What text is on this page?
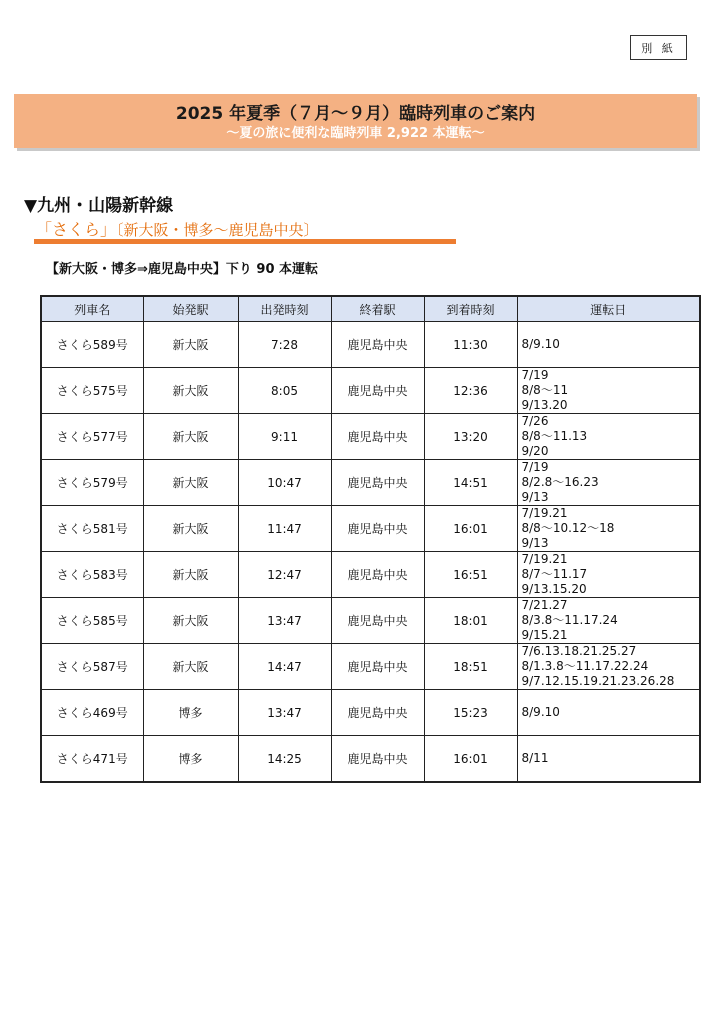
別 紙
2025 年夏季（７月～９月）臨時列車のご案内
～夏の旅に便利な臨時列車 2,922 本運転～
▼九州・山陽新幹線
「さくら」〔新大阪・博多～鹿児島中央〕
【新大阪・博多⇒鹿児島中央】下り 90 本運転
列車名	始発駅	出発時刻	終着駅	到着時刻	運転日
さくら589号	新大阪	7:28	鹿児島中央	11:30	8/9.10

さくら575号	新大阪	8:05	鹿児島中央	12:36	7/19
8/8～11
9/13.20

さくら577号	新大阪	9:11	鹿児島中央	13:20	7/26
8/8～11.13
9/20

さくら579号	新大阪	10:47	鹿児島中央	14:51	7/19
8/2.8～16.23
9/13

さくら581号	新大阪	11:47	鹿児島中央	16:01	7/19.21
8/8～10.12～18
9/13

さくら583号	新大阪	12:47	鹿児島中央	16:51	7/19.21
8/7～11.17
9/13.15.20

さくら585号	新大阪	13:47	鹿児島中央	18:01	7/21.27
8/3.8～11.17.24
9/15.21

さくら587号	新大阪	14:47	鹿児島中央	18:51	7/6.13.18.21.25.27
8/1.3.8～11.17.22.24
9/7.12.15.19.21.23.26.28

さくら469号	博多	13:47	鹿児島中央	15:23	8/9.10

さくら471号	博多	14:25	鹿児島中央	16:01	8/11
